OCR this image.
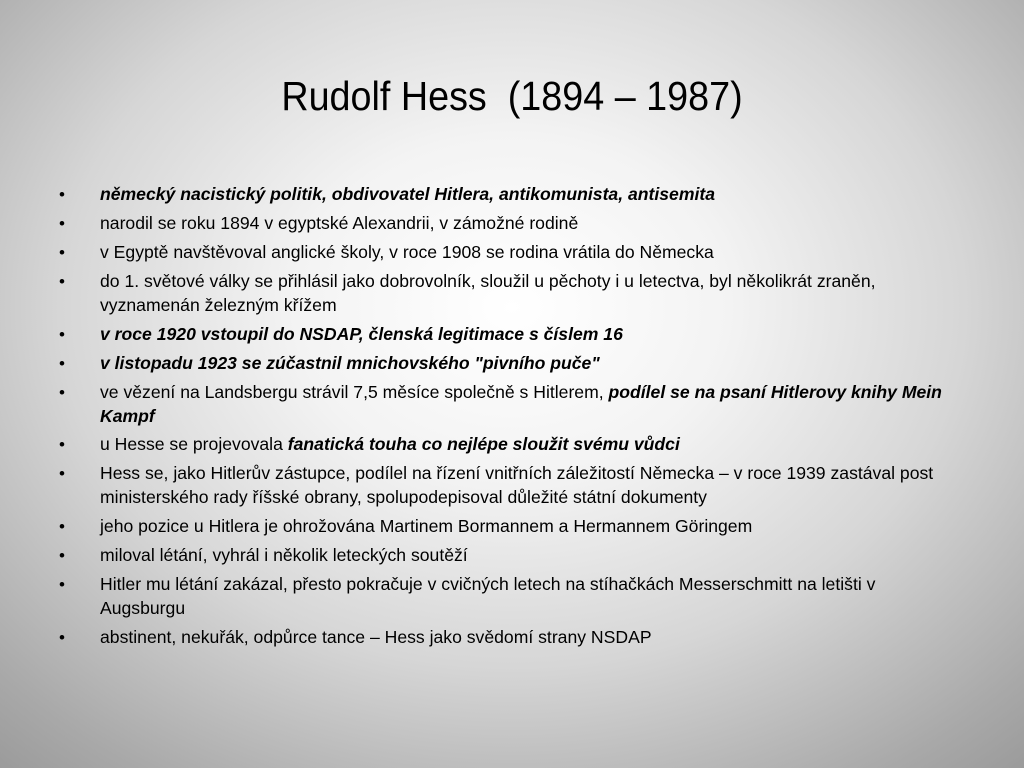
Rudolf Hess  (1894 – 1987)
• německý nacistický politik, obdivovatel Hitlera, antikomunista, antisemita
• narodil se roku 1894 v egyptské Alexandrii, v zámožné rodině
• v Egyptě navštěvoval anglické školy, v roce 1908 se rodina vrátila do Německa
• do 1. světové války se přihlásil jako dobrovolník, sloužil u pěchoty i u letectva, byl několikrát zraněn, vyznamenán železným křížem
• v roce 1920 vstoupil do NSDAP, členská legitimace s číslem 16
• v listopadu 1923 se zúčastnil mnichovského "pivního puče"
• ve vězení na Landsbergu strávil 7,5 měsíce společně s Hitlerem, podílel se na psaní Hitlerovy knihy Mein Kampf
• u Hesse se projevovala fanatická touha co nejlépe sloužit svému vůdci
• Hess se, jako Hitlerův zástupce, podílel na řízení vnitřních záležitostí Německa – v roce 1939 zastával post ministerského rady říšské obrany, spolupodepisoval důležité státní dokumenty
• jeho pozice u Hitlera je ohrožována Martinem Bormannem a Hermannem Göringem
• miloval létání, vyhrál i několik leteckých soutěží
• Hitler mu létání zakázal, přesto pokračuje v cvičných letech na stíhačkách Messerschmitt na letišti v Augsburgu
• abstinent, nekuřák, odpůrce tance – Hess jako svědomí strany NSDAP
